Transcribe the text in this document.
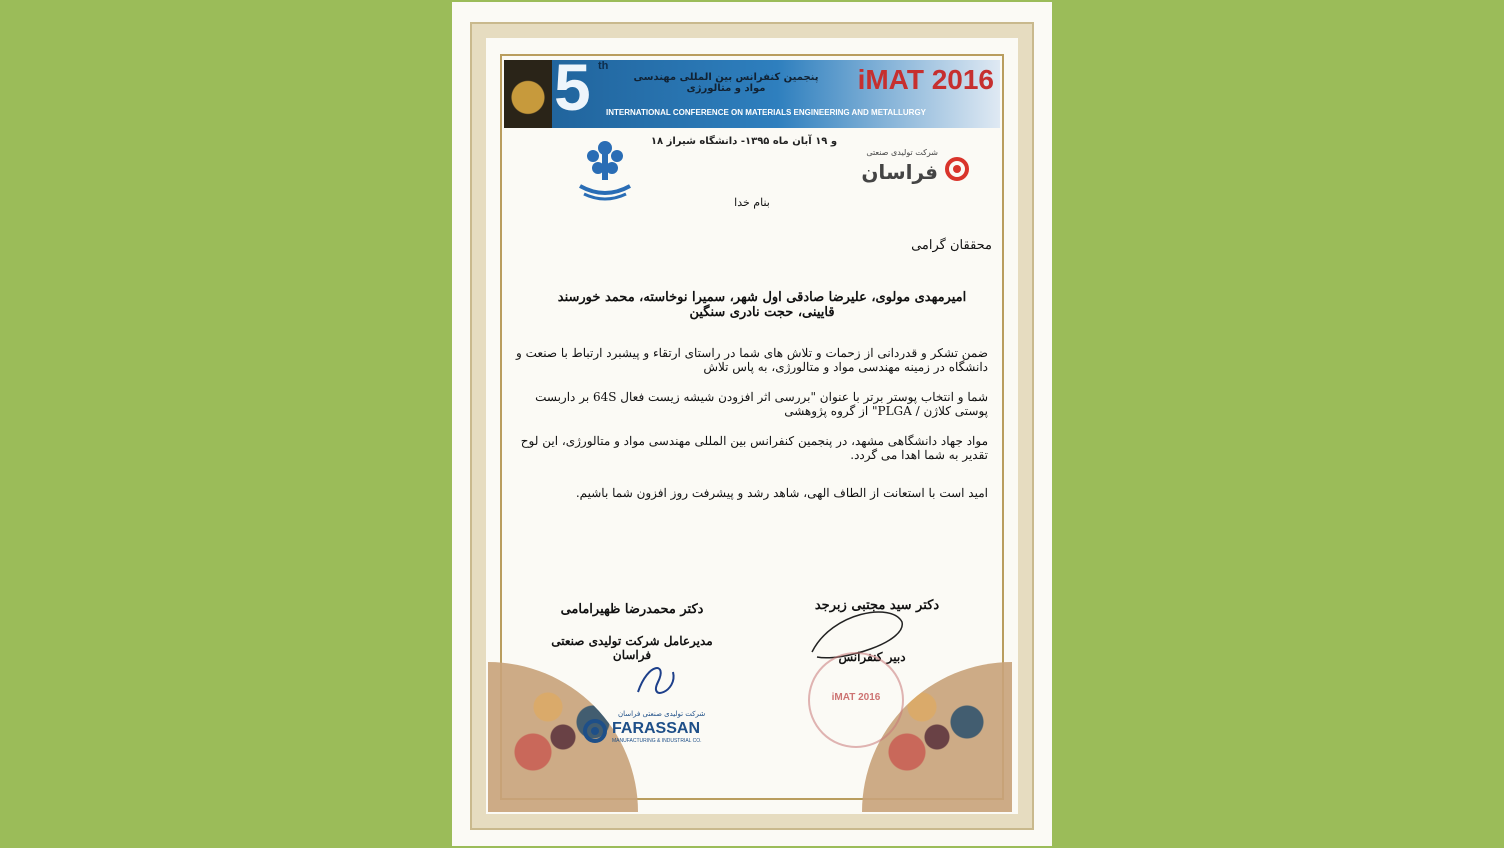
5 th
پنجمین کنفرانس بین المللی مهندسی مواد و متالورژی	iMAT 2016
INTERNATIONAL CONFERENCE ON MATERIALS ENGINEERING AND METALLURGY
۱۸ و ۱۹ آبان ماه ۱۳۹۵- دانشگاه شیراز
شرکت تولیدی صنعتی
فراسان
بنام خدا
محققان گرامی
امیرمهدی مولوی، علیرضا صادقی اول شهر، سمیرا نوخاسته، محمد خورسند قایینی، حجت نادری سنگین
ضمن تشکر و قدردانی از زحمات و تلاش های شما در راستای ارتقاء و پیشبرد ارتباط با صنعت و دانشگاه در زمینه مهندسی مواد و متالورژی، به پاس تلاش
شما و انتخاب پوستر برتر با عنوان "بررسی اثر افزودن شیشه زیست فعال 64S بر داربست پوستی کلاژن / PLGA" از گروه پژوهشی
مواد جهاد دانشگاهی مشهد، در پنجمین کنفرانس بین المللی مهندسی مواد و متالورژی، این لوح تقدیر به شما اهدا می گردد.
امید است با استعانت از الطاف الهی، شاهد رشد و پیشرفت روز افزون شما باشیم.
دکتر محمدرضا ظهیرامامی
مدیرعامل شرکت تولیدی صنعتی فراسان
شرکت تولیدی صنعتی فراسان
FARASSAN
MANUFACTURING & INDUSTRIAL CO.
دکتر سید مجتبی زبرجد
دبیر کنفرانس
iMAT 2016
